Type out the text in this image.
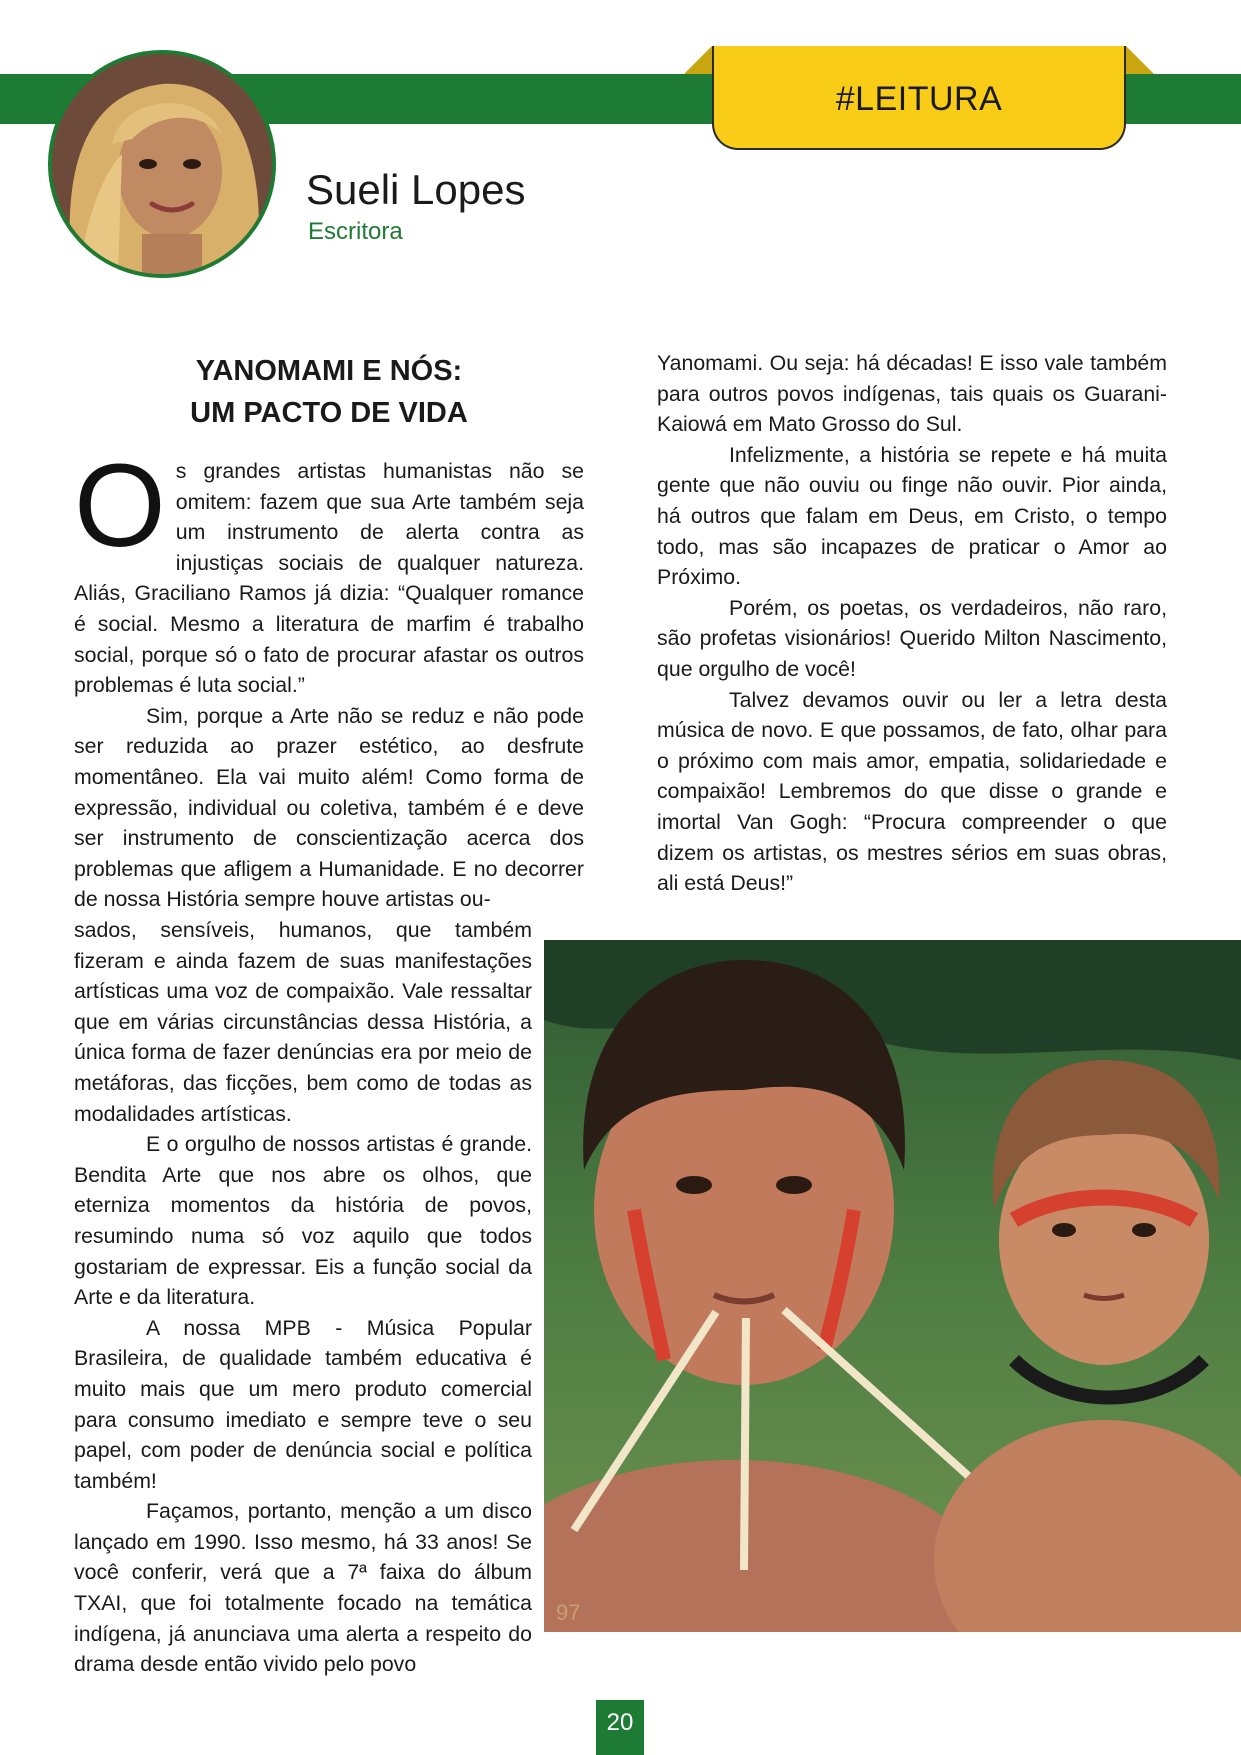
#LEITURA
Sueli Lopes
Escritora
YANOMAMI E NÓS:
UM PACTO DE VIDA

Os grandes artistas humanistas não se omitem: fazem que sua Arte também seja um instrumento de alerta contra as injustiças sociais de qualquer natureza. Aliás, Graciliano Ramos já dizia: “Qualquer romance é social. Mesmo a literatura de marfim é trabalho social, porque só o fato de procurar afastar os outros problemas é luta social.”

Sim, porque a Arte não se reduz e não pode ser reduzida ao prazer estético, ao desfrute momentâneo. Ela vai muito além! Como forma de expressão, individual ou coletiva, também é e deve ser instrumento de conscientização acerca dos problemas que afligem a Humanidade. E no decorrer de nossa História sempre houve artistas ou-

sados, sensíveis, humanos, que também fizeram e ainda fazem de suas manifestações artísticas uma voz de compaixão. Vale ressaltar que em várias circunstâncias dessa História, a única forma de fazer denúncias era por meio de metáforas, das ficções, bem como de todas as modalidades artísticas.

E o orgulho de nossos artistas é grande. Bendita Arte que nos abre os olhos, que eterniza momentos da história de povos, resumindo numa só voz aquilo que todos gostariam de expressar. Eis a função social da Arte e da literatura.

A nossa MPB - Música Popular Brasileira, de qualidade também educativa é muito mais que um mero produto comercial para consumo imediato e sempre teve o seu papel, com poder de denúncia social e política também!

Façamos, portanto, menção a um disco lançado em 1990. Isso mesmo, há 33 anos! Se você conferir, verá que a 7ª faixa do álbum TXAI, que foi totalmente focado na temática indígena, já anunciava uma alerta a respeito do drama desde então vivido pelo povo

Yanomami. Ou seja: há décadas! E isso vale também para outros povos indígenas, tais quais os Guarani-Kaiowá em Mato Grosso do Sul.

Infelizmente, a história se repete e há muita gente que não ouviu ou finge não ouvir. Pior ainda, há outros que falam em Deus, em Cristo, o tempo todo, mas são incapazes de praticar o Amor ao Próximo.

Porém, os poetas, os verdadeiros, não raro, são profetas visionários! Querido Milton Nascimento, que orgulho de você!

Talvez devamos ouvir ou ler a letra desta música de novo. E que possamos, de fato, olhar para o próximo com mais amor, empatia, solidariedade e compaixão! Lembremos do que disse o grande e imortal Van Gogh: “Procura compreender o que dizem os artistas, os mestres sérios em suas obras, ali está Deus!”

97
20
